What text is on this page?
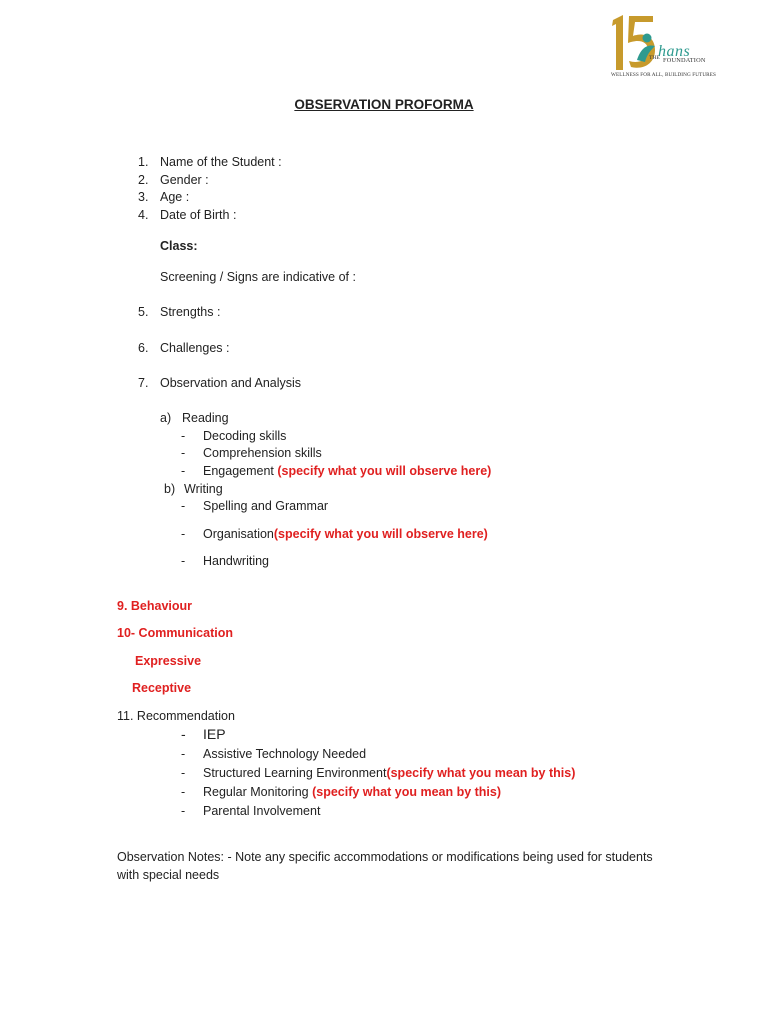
hans
THE FOUNDATION
WELLNESS FOR ALL, BUILDING FUTURES
OBSERVATION PROFORMA
1. Name of the Student :
2. Gender :
3. Age :
4. Date of Birth :
Class:
Screening / Signs are indicative of :
5. Strengths :
6. Challenges :
7. Observation and Analysis
a) Reading
- Decoding skills
- Comprehension skills
- Engagement (specify what you will observe here)
b) Writing
- Spelling and Grammar
- Organisation(specify what you will observe here)
- Handwriting
9. Behaviour
10- Communication
Expressive
Receptive
11. Recommendation
- IEP
- Assistive Technology Needed
- Structured Learning Environment(specify what you mean by this)
- Regular Monitoring (specify what you mean by this)
- Parental Involvement
Observation Notes: - Note any specific accommodations or modifications being used for students
with special needs
